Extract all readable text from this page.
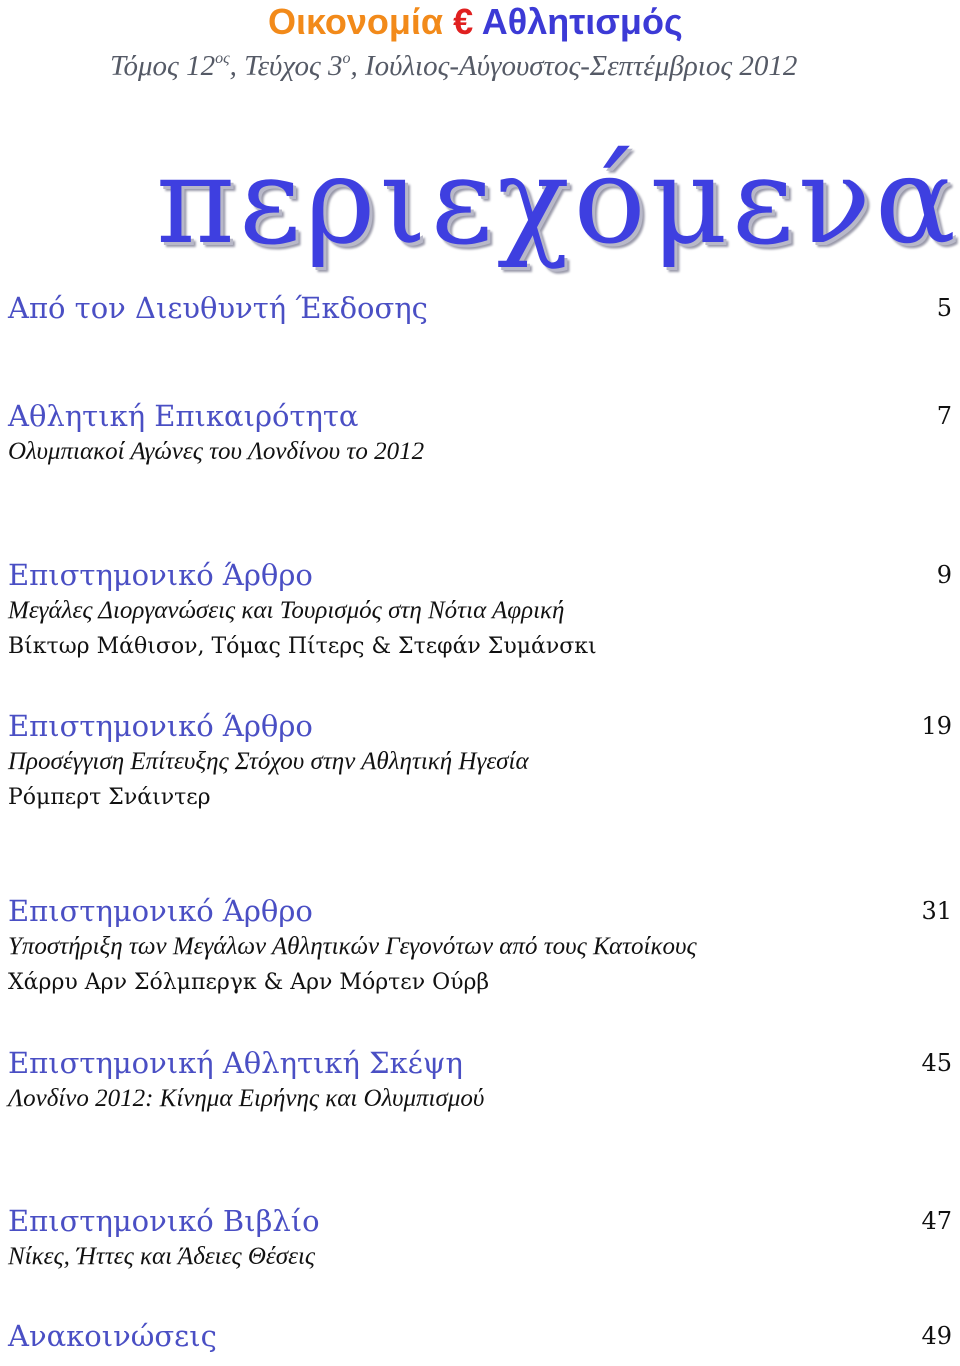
Οικονομία € Αθλητισμός
Τόμος $12^{o\varsigma}$, Τεύχος $3^o$, Ιούλιος-Αύγουστος-Σεπτέμβριος 2012
περιεχόμενα
Από τον Διευθυντή Έκδοσης	5
Αθλητική Επικαιρότητα
Ολυμπιακοί Αγώνες του Λονδίνου το 2012
7
Επιστημονικό Άρθρο
Μεγάλες Διοργανώσεις και Τουρισμός στη Νότια Αφρική
Βίκτωρ Μάθισον, Τόμας Πίτερς & Στεφάν Συμάνσκι
9
Επιστημονικό Άρθρο
Προσέγγιση Επίτευξης Στόχου στην Αθλητική Ηγεσία
Ρόμπερτ Σνάιντερ
19
Επιστημονικό Άρθρο
Υποστήριξη των Μεγάλων Αθλητικών Γεγονότων από τους Κατοίκους
Χάρρυ Αρν Σόλμπεργκ & Αρν Μόρτεν Ούρβ
31
Επιστημονική Αθλητική Σκέψη
Λονδίνο 2012: Κίνημα Ειρήνης και Ολυμπισμού
45
Επιστημονικό Βιβλίο
Νίκες, Ήττες και Άδειες Θέσεις
47
Ανακοινώσεις	49
